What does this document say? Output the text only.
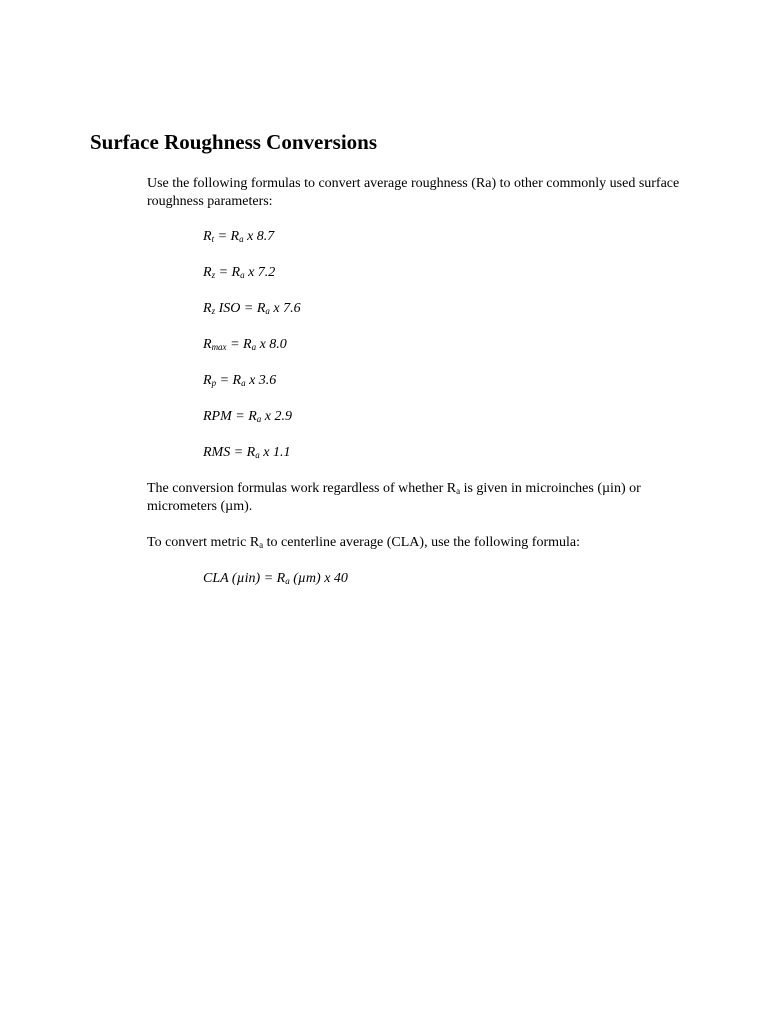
Surface Roughness Conversions

Use the following formulas to convert average roughness (Ra) to other commonly used surface roughness parameters:

$R_t = R_a$ x 8.7

$R_z = R_a$ x 7.2

$R_z$ ISO = $R_a$ x 7.6

$R_{max} = R_a$ x 8.0

$R_p = R_a$ x 3.6

RPM = $R_a$ x 2.9

RMS = $R_a$ x 1.1

The conversion formulas work regardless of whether $R_a$ is given in microinches (µin) or micrometers (µm).

To convert metric $R_a$ to centerline average (CLA), use the following formula:

CLA $(\mu in) = R_a$ (µm) x 40
